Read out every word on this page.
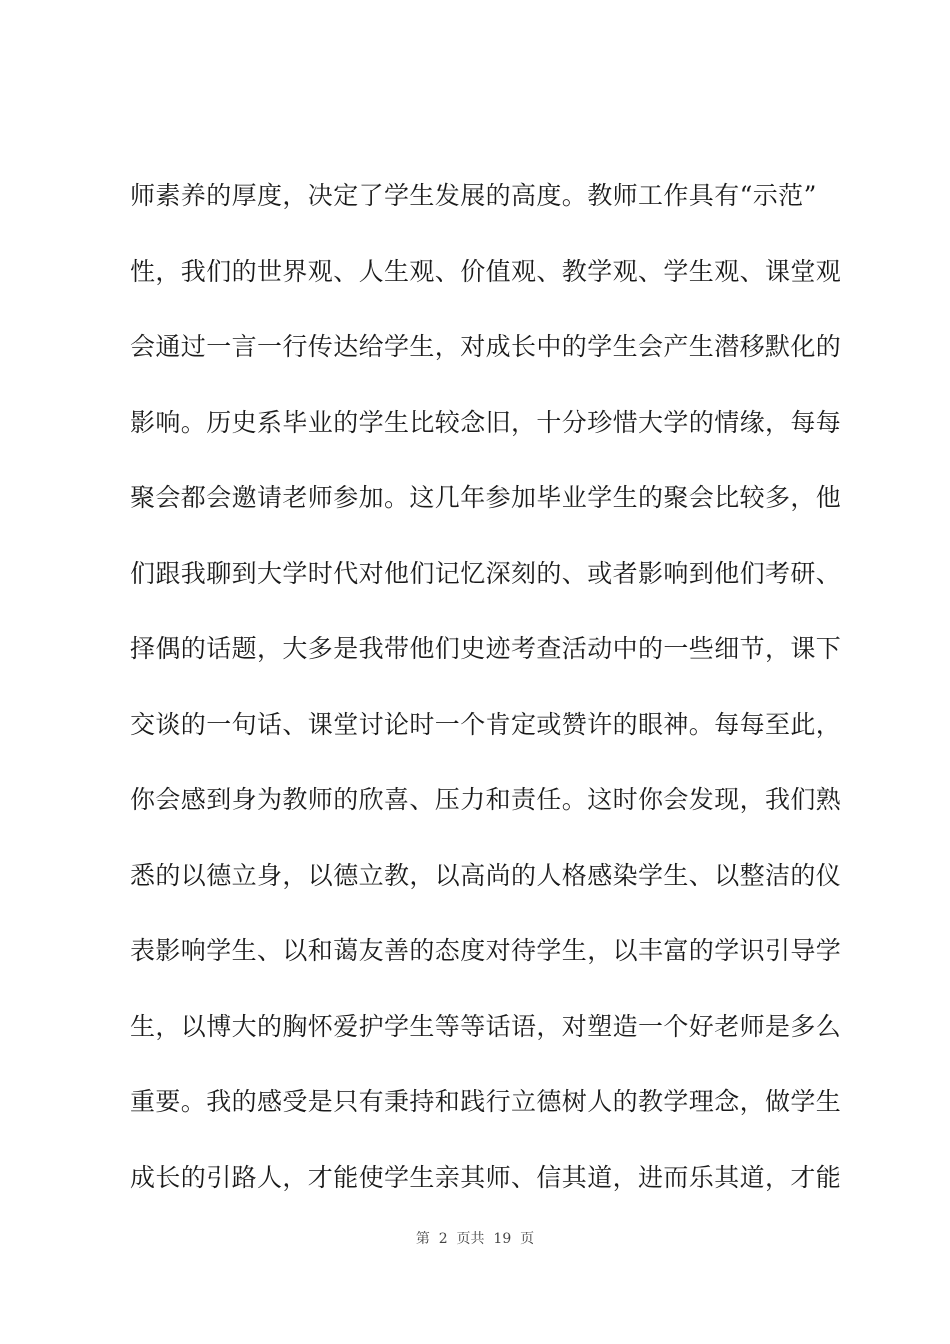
师素养的厚度，决定了学生发展的高度。教师工作具有“示范”
性，我们的世界观、人生观、价值观、教学观、学生观、课堂观
会通过一言一行传达给学生，对成长中的学生会产生潜移默化的
影响。历史系毕业的学生比较念旧，十分珍惜大学的情缘，每每
聚会都会邀请老师参加。这几年参加毕业学生的聚会比较多，他
们跟我聊到大学时代对他们记忆深刻的、或者影响到他们考研、
择偶的话题，大多是我带他们史迹考查活动中的一些细节，课下
交谈的一句话、课堂讨论时一个肯定或赞许的眼神。每每至此，
你会感到身为教师的欣喜、压力和责任。这时你会发现，我们熟
悉的以德立身，以德立教，以高尚的人格感染学生、以整洁的仪
表影响学生、以和蔼友善的态度对待学生，以丰富的学识引导学
生，以博大的胸怀爱护学生等等话语，对塑造一个好老师是多么
重要。我的感受是只有秉持和践行立德树人的教学理念，做学生
成长的引路人，才能使学生亲其师、信其道，进而乐其道，才能
第  2  页共  19  页
